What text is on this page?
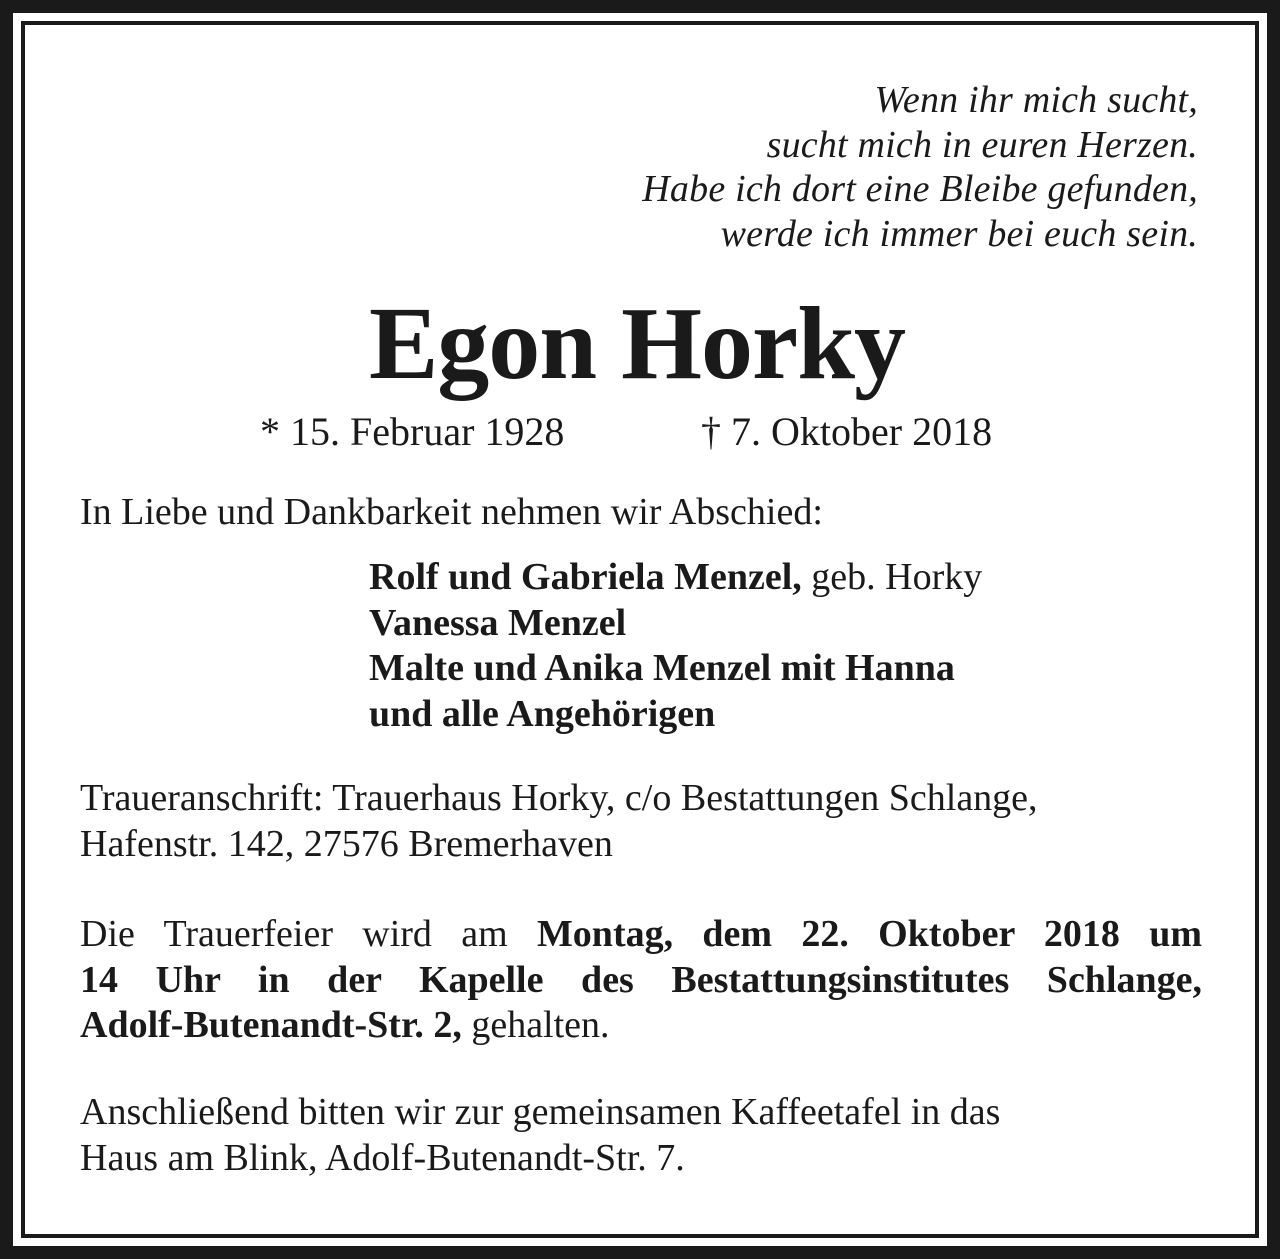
Wenn ihr mich sucht,
sucht mich in euren Herzen.
Habe ich dort eine Bleibe gefunden,
werde ich immer bei euch sein.
Egon Horky
* 15. Februar 1928	† 7. Oktober 2018
In Liebe und Dankbarkeit nehmen wir Abschied:
Rolf und Gabriela Menzel, geb. Horky
Vanessa Menzel
Malte und Anika Menzel mit Hanna
und alle Angehörigen
Traueranschrift: Trauerhaus Horky, c/o Bestattungen Schlange,
Hafenstr. 142, 27576 Bremerhaven
Die Trauerfeier wird am Montag, dem 22. Oktober 2018 um
14 Uhr in der Kapelle des Bestattungsinstitutes Schlange,
Adolf-Butenandt-Str. 2, gehalten.
Anschließend bitten wir zur gemeinsamen Kaffeetafel in das
Haus am Blink, Adolf-Butenandt-Str. 7.
